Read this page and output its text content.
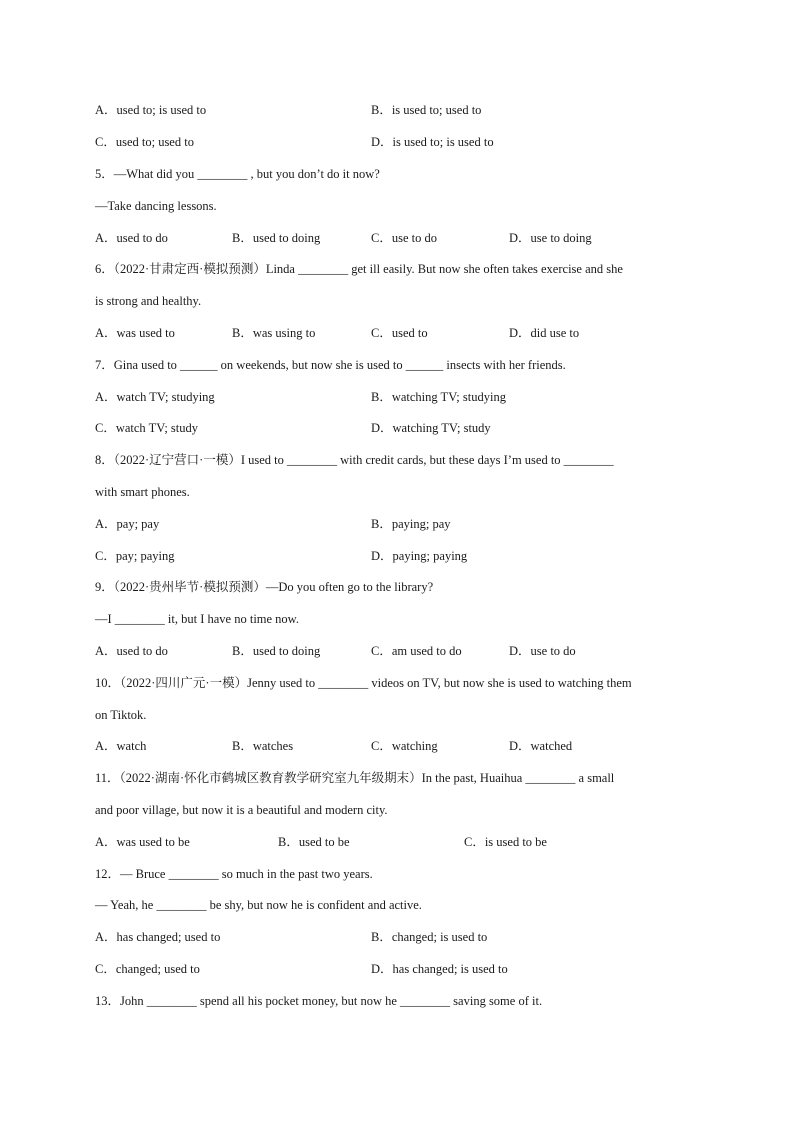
A．used to; is used to	B．is used to; used to
C．used to; used to	D．is used to; is used to
5．—What did you ________ , but you don’t do it now?
—Take dancing lessons.
A．used to do	B．used to doing	C．use to do	D．use to doing
6．（2022·甘肃定西·模拟预测）Linda ________ get ill easily. But now she often takes exercise and she
is strong and healthy.
A．was used to	B．was using to	C．used to	D．did use to
7．Gina used to ______ on weekends, but now she is used to ______ insects with her friends.
A．watch TV; studying	B．watching TV; studying
C．watch TV; study	D．watching TV; study
8．（2022·辽宁营口·一模）I used to ________ with credit cards, but these days I’m used to ________
with smart phones.
A．pay; pay	B．paying; pay
C．pay; paying	D．paying; paying
9．（2022·贵州毕节·模拟预测）—Do you often go to the library?
—I ________ it, but I have no time now.
A．used to do	B．used to doing	C．am used to do	D．use to do
10．（2022·四川广元·一模）Jenny used to ________ videos on TV, but now she is used to watching them
on Tiktok.
A．watch	B．watches	C．watching	D．watched
11．（2022·湖南·怀化市鹤城区教育教学研究室九年级期末）In the past, Huaihua ________ a small
and poor village, but now it is a beautiful and modern city.
A．was used to be	B．used to be	C．is used to be
12．— Bruce ________ so much in the past two years.
— Yeah, he ________ be shy, but now he is confident and active.
A．has changed; used to	B．changed; is used to
C．changed; used to	D．has changed; is used to
13．John ________ spend all his pocket money, but now he ________ saving some of it.
